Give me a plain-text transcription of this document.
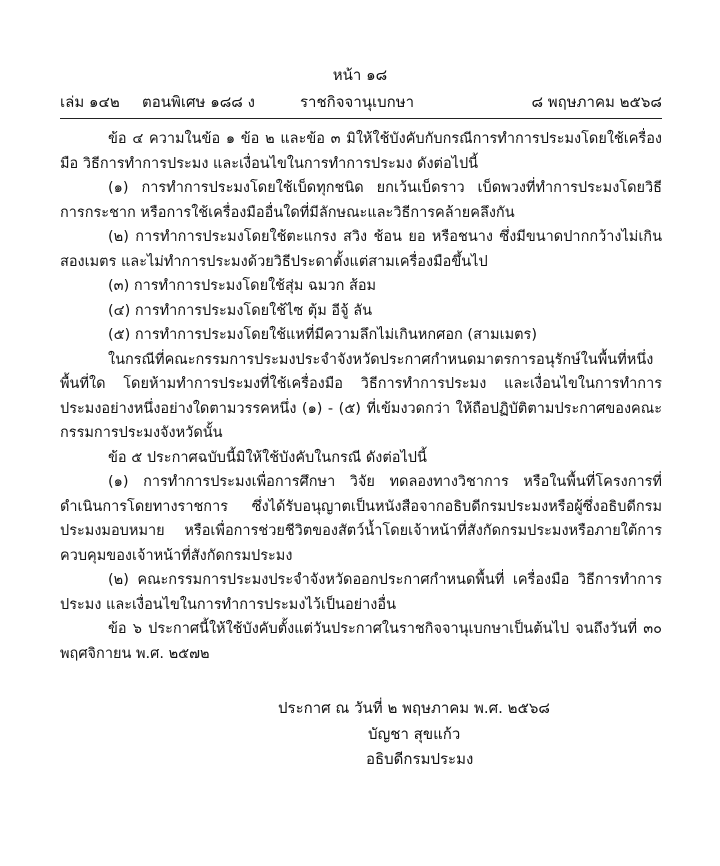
หน้า ๑๘
เล่ม ๑๔๒ ตอนพิเศษ ๑๘๘ ง	ราชกิจจานุเบกษา	๘ พฤษภาคม ๒๕๖๘

ข้อ ๔ ความในข้อ ๑ ข้อ ๒ และข้อ ๓ มิให้ใช้บังคับกับกรณีการทำการประมงโดยใช้เครื่องมือ วิธีการทำการประมง และเงื่อนไขในการทำการประมง ดังต่อไปนี้

(๑) การทำการประมงโดยใช้เบ็ดทุกชนิด ยกเว้นเบ็ดราว เบ็ดพวงที่ทำการประมงโดยวิธีการกระชาก หรือการใช้เครื่องมืออื่นใดที่มีลักษณะและวิธีการคล้ายคลึงกัน

(๒) การทำการประมงโดยใช้ตะแกรง สวิง ช้อน ยอ หรือชนาง ซึ่งมีขนาดปากกว้างไม่เกินสองเมตร และไม่ทำการประมงด้วยวิธีประดาตั้งแต่สามเครื่องมือขึ้นไป

(๓) การทำการประมงโดยใช้สุ่ม ฉมวก ส้อม

(๔) การทำการประมงโดยใช้ไซ ตุ้ม อีจู้ ลัน

(๕) การทำการประมงโดยใช้แหที่มีความลึกไม่เกินหกศอก (สามเมตร)

ในกรณีที่คณะกรรมการประมงประจำจังหวัดประกาศกำหนดมาตรการอนุรักษ์ในพื้นที่หนึ่งพื้นที่ใด โดยห้ามทำการประมงที่ใช้เครื่องมือ วิธีการทำการประมง และเงื่อนไขในการทำการประมงอย่างหนึ่งอย่างใดตามวรรคหนึ่ง (๑) - (๕) ที่เข้มงวดกว่า ให้ถือปฏิบัติตามประกาศของคณะกรรมการประมงจังหวัดนั้น

ข้อ ๕ ประกาศฉบับนี้มิให้ใช้บังคับในกรณี ดังต่อไปนี้

(๑) การทำการประมงเพื่อการศึกษา วิจัย ทดลองทางวิชาการ หรือในพื้นที่โครงการที่ดำเนินการโดยทางราชการ ซึ่งได้รับอนุญาตเป็นหนังสือจากอธิบดีกรมประมงหรือผู้ซึ่งอธิบดีกรมประมงมอบหมาย หรือเพื่อการช่วยชีวิตของสัตว์น้ำโดยเจ้าหน้าที่สังกัดกรมประมงหรือภายใต้การควบคุมของเจ้าหน้าที่สังกัดกรมประมง

(๒) คณะกรรมการประมงประจำจังหวัดออกประกาศกำหนดพื้นที่ เครื่องมือ วิธีการทำการประมง และเงื่อนไขในการทำการประมงไว้เป็นอย่างอื่น

ข้อ ๖ ประกาศนี้ให้ใช้บังคับตั้งแต่วันประกาศในราชกิจจานุเบกษาเป็นต้นไป จนถึงวันที่ ๓๐ พฤศจิกายน พ.ศ. ๒๕๗๒

ประกาศ ณ วันที่ ๒ พฤษภาคม พ.ศ. ๒๕๖๘
บัญชา สุขแก้ว
อธิบดีกรมประมง
